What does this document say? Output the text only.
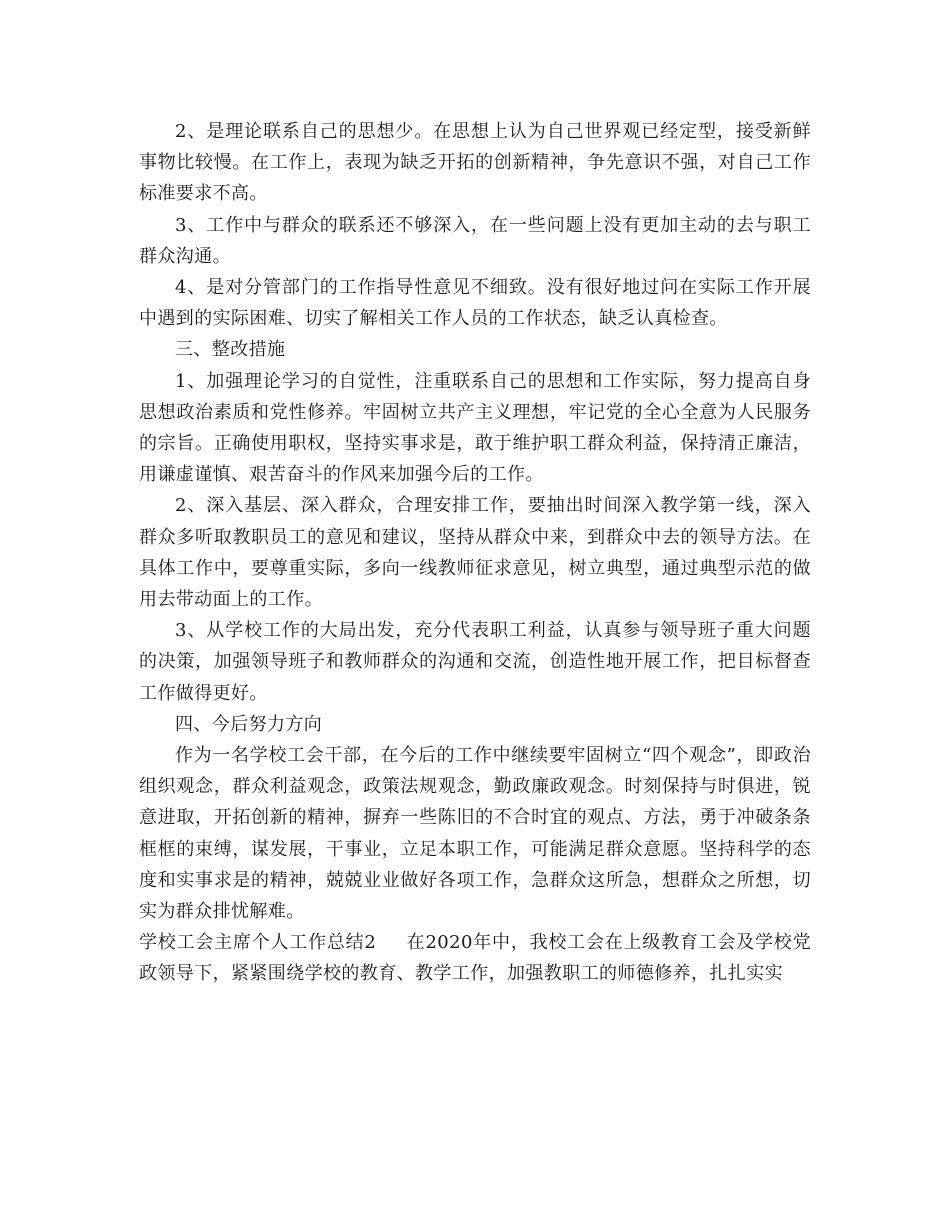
2、是理论联系自己的思想少。在思想上认为自己世界观已经定型，接受新鲜事物比较慢。在工作上，表现为缺乏开拓的创新精神，争先意识不强，对自己工作标准要求不高。

3、工作中与群众的联系还不够深入，在一些问题上没有更加主动的去与职工群众沟通。

4、是对分管部门的工作指导性意见不细致。没有很好地过问在实际工作开展中遇到的实际困难、切实了解相关工作人员的工作状态，缺乏认真检查。

三、整改措施

1、加强理论学习的自觉性，注重联系自己的思想和工作实际，努力提高自身思想政治素质和党性修养。牢固树立共产主义理想，牢记党的全心全意为人民服务的宗旨。正确使用职权，坚持实事求是，敢于维护职工群众利益，保持清正廉洁，用谦虚谨慎、艰苦奋斗的作风来加强今后的工作。

2、深入基层、深入群众，合理安排工作，要抽出时间深入教学第一线，深入群众多听取教职员工的意见和建议，坚持从群众中来，到群众中去的领导方法。在具体工作中，要尊重实际，多向一线教师征求意见，树立典型，通过典型示范的做用去带动面上的工作。

3、从学校工作的大局出发，充分代表职工利益，认真参与领导班子重大问题的决策，加强领导班子和教师群众的沟通和交流，创造性地开展工作，把目标督查工作做得更好。

四、今后努力方向

作为一名学校工会干部，在今后的工作中继续要牢固树立“四个观念”，即政治组织观念，群众利益观念，政策法规观念，勤政廉政观念。时刻保持与时俱进，锐意进取，开拓创新的精神，摒弃一些陈旧的不合时宜的观点、方法，勇于冲破条条框框的束缚，谋发展，干事业，立足本职工作，可能满足群众意愿。坚持科学的态度和实事求是的精神，兢兢业业做好各项工作，急群众这所急，想群众之所想，切实为群众排忧解难。

学校工会主席个人工作总结2 在2020年中，我校工会在上级教育工会及学校党政领导下，紧紧围绕学校的教育、教学工作，加强教职工的师德修养，扎扎实实
